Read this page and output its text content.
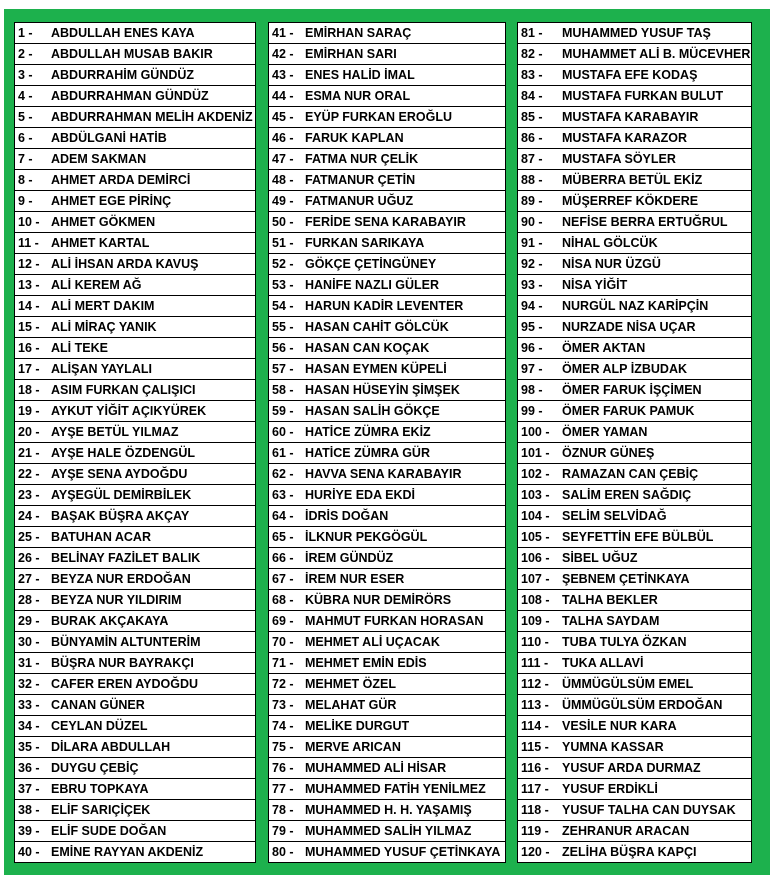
1 -	ABDULLAH ENES KAYA
2 -	ABDULLAH MUSAB BAKIR
3 -	ABDURRAHİM GÜNDÜZ
4 -	ABDURRAHMAN GÜNDÜZ
5 -	ABDURRAHMAN MELİH AKDENİZ
6 -	ABDÜLGANİ HATİB
7 -	ADEM SAKMAN
8 -	AHMET ARDA DEMİRCİ
9 -	AHMET EGE PİRİNÇ
10 - AHMET GÖKMEN
11 - AHMET KARTAL
12 - ALİ İHSAN ARDA KAVUŞ
13 - ALİ KEREM AĞ
14 - ALİ MERT DAKIM
15 - ALİ MİRAÇ YANIK
16 - ALİ TEKE
17 - ALİŞAN YAYLALI
18 - ASIM FURKAN ÇALIŞICI
19 - AYKUT YİĞİT AÇIKYÜREK
20 - AYŞE BETÜL YILMAZ
21 - AYŞE HALE ÖZDENGÜL
22 - AYŞE SENA AYDOĞDU
23 - AYŞEGÜL DEMİRBİLEK
24 - BAŞAK BÜŞRA AKÇAY
25 - BATUHAN ACAR
26 - BELİNAY FAZİLET BALIK
27 - BEYZA NUR ERDOĞAN
28 - BEYZA NUR YILDIRIM
29 - BURAK AKÇAKAYA
30 - BÜNYAMİN ALTUNTERİM
31 - BÜŞRA NUR BAYRAKÇI
32 - CAFER EREN AYDOĞDU
33 - CANAN GÜNER
34 - CEYLAN DÜZEL
35 - DİLARA ABDULLAH
36 - DUYGU ÇEBİÇ
37 - EBRU TOPKAYA
38 - ELİF SARIÇİÇEK
39 - ELİF SUDE DOĞAN
40 - EMİNE RAYYAN AKDENİZ
41 - EMİRHAN SARAÇ
42 - EMİRHAN SARI
43 - ENES HALİD İMAL
44 - ESMA NUR ORAL
45 - EYÜP FURKAN EROĞLU
46 - FARUK KAPLAN
47 - FATMA NUR ÇELİK
48 - FATMANUR ÇETİN
49 - FATMANUR UĞUZ
50 - FERİDE SENA KARABAYIR
51 - FURKAN SARIKAYA
52 - GÖKÇE ÇETİNGÜNEY
53 - HANİFE NAZLI GÜLER
54 - HARUN KADİR LEVENTER
55 - HASAN CAHİT GÖLCÜK
56 - HASAN CAN KOÇAK
57 - HASAN EYMEN KÜPELİ
58 - HASAN HÜSEYİN ŞİMŞEK
59 - HASAN SALİH GÖKÇE
60 - HATİCE ZÜMRA EKİZ
61 - HATİCE ZÜMRA GÜR
62 - HAVVA SENA KARABAYIR
63 - HURİYE EDA EKDİ
64 - İDRİS DOĞAN
65 - İLKNUR PEKGÖGÜL
66 - İREM GÜNDÜZ
67 - İREM NUR ESER
68 - KÜBRA NUR DEMİRÖRS
69 - MAHMUT FURKAN HORASAN
70 - MEHMET ALİ UÇACAK
71 - MEHMET EMİN EDİS
72 - MEHMET ÖZEL
73 - MELAHAT GÜR
74 - MELİKE DURGUT
75 - MERVE ARICAN
76 - MUHAMMED ALİ HİSAR
77 - MUHAMMED FATİH YENİLMEZ
78 - MUHAMMED H. H. YAŞAMIŞ
79 - MUHAMMED SALİH YILMAZ
80 - MUHAMMED YUSUF ÇETİNKAYA
81 -	MUHAMMED YUSUF TAŞ
82 -	MUHAMMET ALİ B. MÜCEVHER
83 -	MUSTAFA EFE KODAŞ
84 -	MUSTAFA FURKAN BULUT
85 -	MUSTAFA KARABAYIR
86 -	MUSTAFA KARAZOR
87 -	MUSTAFA SÖYLER
88 -	MÜBERRA BETÜL EKİZ
89 -	MÜŞERREF KÖKDERE
90 -	NEFİSE BERRA ERTUĞRUL
91 -	NİHAL GÖLCÜK
92 -	NİSA NUR ÜZGÜ
93 -	NİSA YİĞİT
94 -	NURGÜL NAZ KARİPÇİN
95 -	NURZADE NİSA UÇAR
96 -	ÖMER AKTAN
97 -	ÖMER ALP İZBUDAK
98 -	ÖMER FARUK İŞÇİMEN
99 -	ÖMER FARUK PAMUK
100 -	ÖMER YAMAN
101 -	ÖZNUR GÜNEŞ
102 -	RAMAZAN CAN ÇEBİÇ
103 -	SALİM EREN SAĞDIÇ
104 -	SELİM SELVİDAĞ
105 -	SEYFETTİN EFE BÜLBÜL
106 -	SİBEL UĞUZ
107 -	ŞEBNEM ÇETİNKAYA
108 -	TALHA BEKLER
109 -	TALHA SAYDAM
110 -	TUBA TULYA ÖZKAN
111 -	TUKA ALLAVİ
112 -	ÜMMÜGÜLSÜM EMEL
113 -	ÜMMÜGÜLSÜM ERDOĞAN
114 -	VESİLE NUR KARA
115 -	YUMNA KASSAR
116 -	YUSUF ARDA DURMAZ
117 -	YUSUF ERDİKLİ
118 -	YUSUF TALHA CAN DUYSAK
119 -	ZEHRANUR ARACAN
120 -	ZELİHA BÜŞRA KAPÇI
